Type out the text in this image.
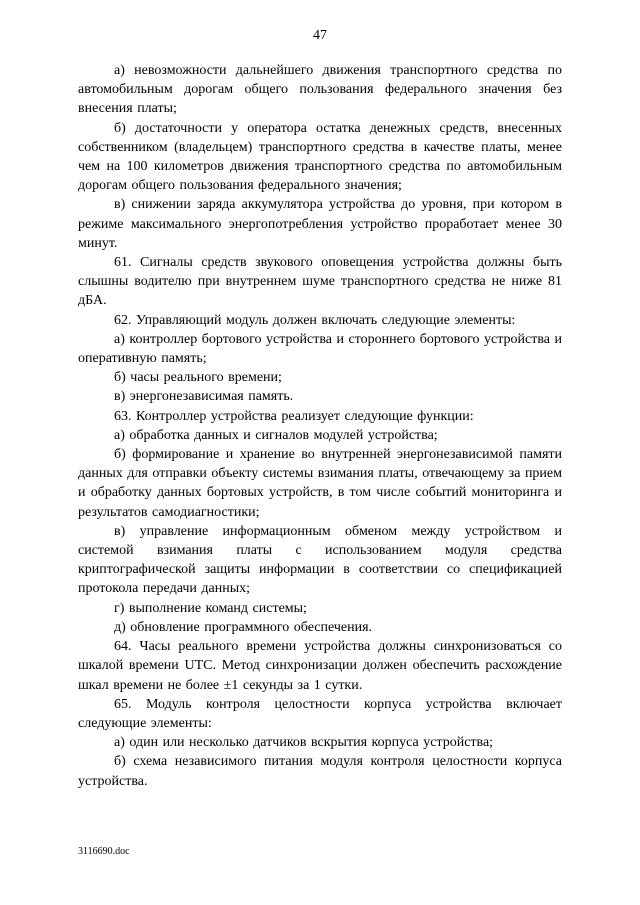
47

а) невозможности дальнейшего движения транспортного средства по автомобильным дорогам общего пользования федерального значения без внесения платы;

б) достаточности у оператора остатка денежных средств, внесенных собственником (владельцем) транспортного средства в качестве платы, менее чем на 100 километров движения транспортного средства по автомобильным дорогам общего пользования федерального значения;

в) снижении заряда аккумулятора устройства до уровня, при котором в режиме максимального энергопотребления устройство проработает менее 30 минут.

61. Сигналы средств звукового оповещения устройства должны быть слышны водителю при внутреннем шуме транспортного средства не ниже 81 дБА.

62. Управляющий модуль должен включать следующие элементы:

а) контроллер бортового устройства и стороннего бортового устройства и оперативную память;

б) часы реального времени;

в) энергонезависимая память.

63. Контроллер устройства реализует следующие функции:

а) обработка данных и сигналов модулей устройства;

б) формирование и хранение во внутренней энергонезависимой памяти данных для отправки объекту системы взимания платы, отвечающему за прием и обработку данных бортовых устройств, в том числе событий мониторинга и результатов самодиагностики;

в) управление информационным обменом между устройством и системой взимания платы с использованием модуля средства криптографической защиты информации в соответствии со спецификацией протокола передачи данных;

г) выполнение команд системы;

д) обновление программного обеспечения.

64. Часы реального времени устройства должны синхронизоваться со шкалой времени UTC. Метод синхронизации должен обеспечить расхождение шкал времени не более ±1 секунды за 1 сутки.

65. Модуль контроля целостности корпуса устройства включает следующие элементы:

а) один или несколько датчиков вскрытия корпуса устройства;

б) схема независимого питания модуля контроля целостности корпуса устройства.

3116690.doc
